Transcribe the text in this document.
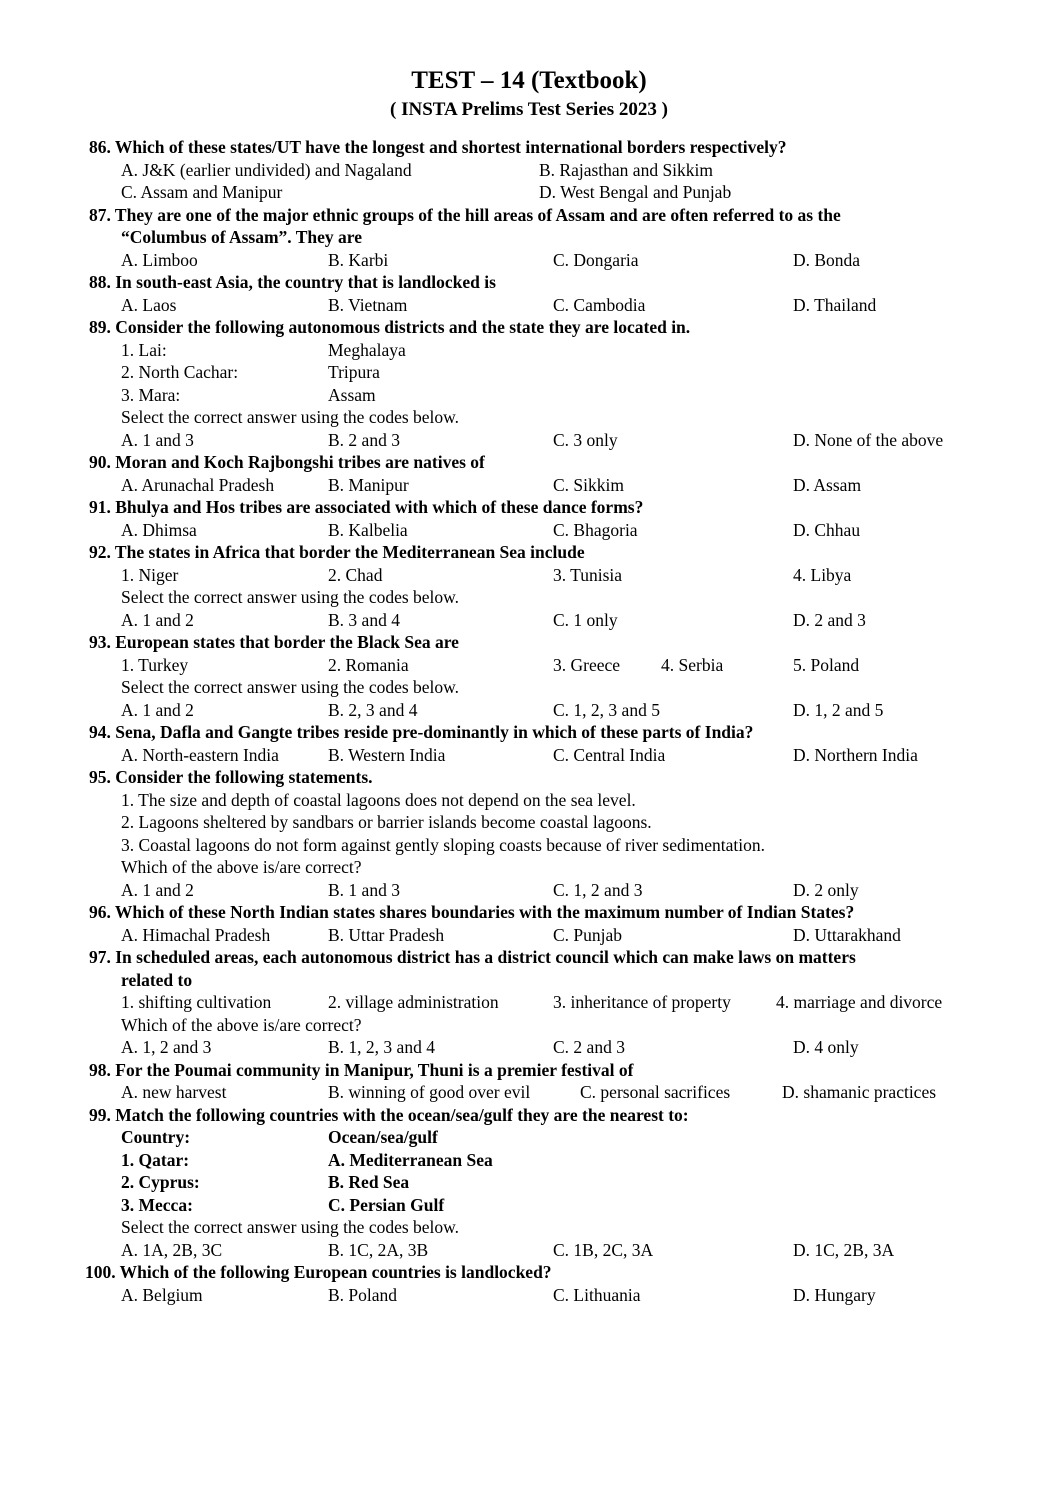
TEST – 14 (Textbook)
( INSTA Prelims Test Series 2023 )
86. Which of these states/UT have the longest and shortest international borders respectively?
A. J&K (earlier undivided) and Nagaland	B. Rajasthan and Sikkim
C. Assam and Manipur	D. West Bengal and Punjab
87. They are one of the major ethnic groups of the hill areas of Assam and are often referred to as the
“Columbus of Assam”. They are
A. Limboo	B. Karbi	C. Dongaria	D. Bonda
88. In south-east Asia, the country that is landlocked is
A. Laos	B. Vietnam	C. Cambodia	D. Thailand
89. Consider the following autonomous districts and the state they are located in.
1. Lai:	Meghalaya
2. North Cachar:	Tripura
3. Mara:	Assam
Select the correct answer using the codes below.
A. 1 and 3	B. 2 and 3	C. 3 only	D. None of the above
90. Moran and Koch Rajbongshi tribes are natives of
A. Arunachal Pradesh	B. Manipur	C. Sikkim	D. Assam
91. Bhulya and Hos tribes are associated with which of these dance forms?
A. Dhimsa	B. Kalbelia	C. Bhagoria	D. Chhau
92. The states in Africa that border the Mediterranean Sea include
1. Niger	2. Chad	3. Tunisia	4. Libya
Select the correct answer using the codes below.
A. 1 and 2	B. 3 and 4	C. 1 only	D. 2 and 3
93. European states that border the Black Sea are
1. Turkey	2. Romania	3. Greece 4. Serbia	5. Poland
Select the correct answer using the codes below.
A. 1 and 2	B. 2, 3 and 4	C. 1, 2, 3 and 5	D. 1, 2 and 5
94. Sena, Dafla and Gangte tribes reside pre-dominantly in which of these parts of India?
A. North-eastern India	B. Western India	C. Central India	D. Northern India
95. Consider the following statements.
1. The size and depth of coastal lagoons does not depend on the sea level.
2. Lagoons sheltered by sandbars or barrier islands become coastal lagoons.
3. Coastal lagoons do not form against gently sloping coasts because of river sedimentation.
Which of the above is/are correct?
A. 1 and 2	B. 1 and 3	C. 1, 2 and 3	D. 2 only
96. Which of these North Indian states shares boundaries with the maximum number of Indian States?
A. Himachal Pradesh	B. Uttar Pradesh	C. Punjab	D. Uttarakhand
97. In scheduled areas, each autonomous district has a district council which can make laws on matters
related to
1. shifting cultivation	2. village administration	3. inheritance of property	4. marriage and divorce
Which of the above is/are correct?
A. 1, 2 and 3	B. 1, 2, 3 and 4	C. 2 and 3	D. 4 only
98. For the Poumai community in Manipur, Thuni is a premier festival of
A. new harvest	B. winning of good over evil	C. personal sacrifices	D. shamanic practices
99. Match the following countries with the ocean/sea/gulf they are the nearest to:
Country:	Ocean/sea/gulf
1. Qatar:	A. Mediterranean Sea
2. Cyprus:	B. Red Sea
3. Mecca:	C. Persian Gulf
Select the correct answer using the codes below.
A. 1A, 2B, 3C	B. 1C, 2A, 3B	C. 1B, 2C, 3A	D. 1C, 2B, 3A
100. Which of the following European countries is landlocked?
A. Belgium	B. Poland	C. Lithuania	D. Hungary
